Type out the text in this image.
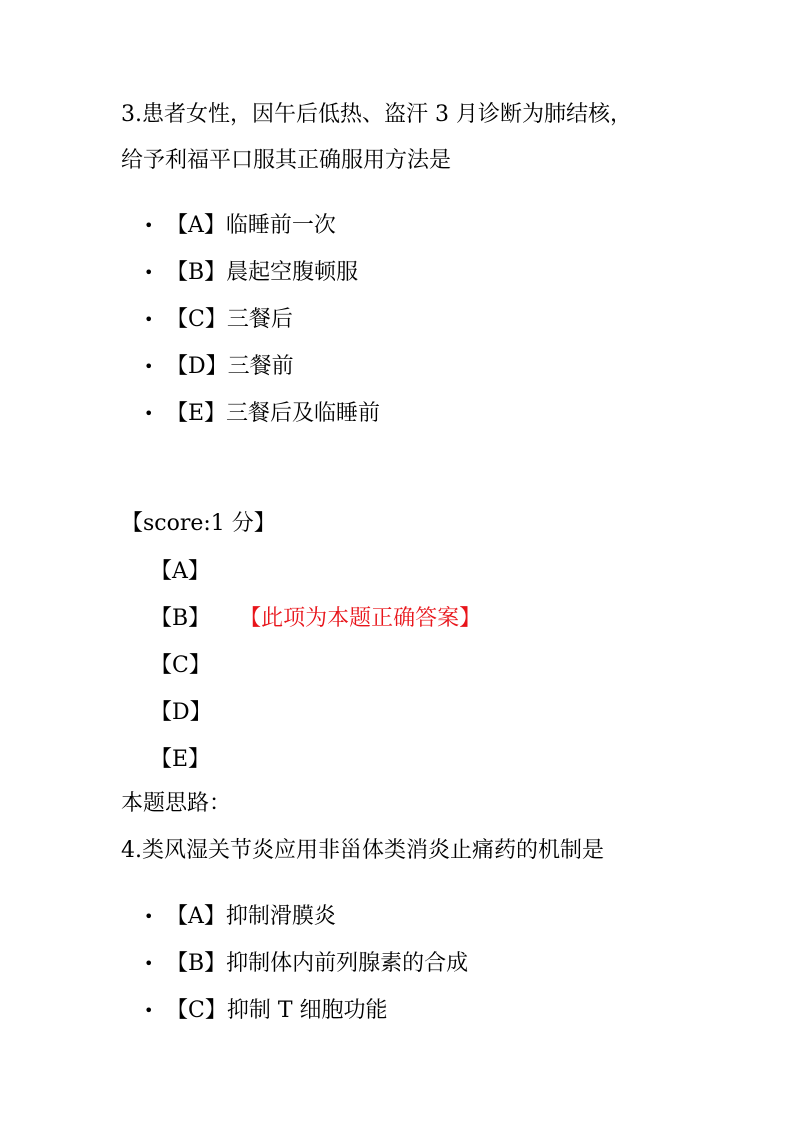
3.患者女性，因午后低热、盗汗 3 月诊断为肺结核，
给予利福平口服其正确服用方法是
• 【A】临睡前一次
• 【B】晨起空腹顿服
• 【C】三餐后
• 【D】三餐前
• 【E】三餐后及临睡前
【score:1 分】
【A】
【B】 【此项为本题正确答案】
【C】
【D】
【E】
本题思路：
4.类风湿关节炎应用非甾体类消炎止痛药的机制是
• 【A】抑制滑膜炎
• 【B】抑制体内前列腺素的合成
• 【C】抑制 T 细胞功能
